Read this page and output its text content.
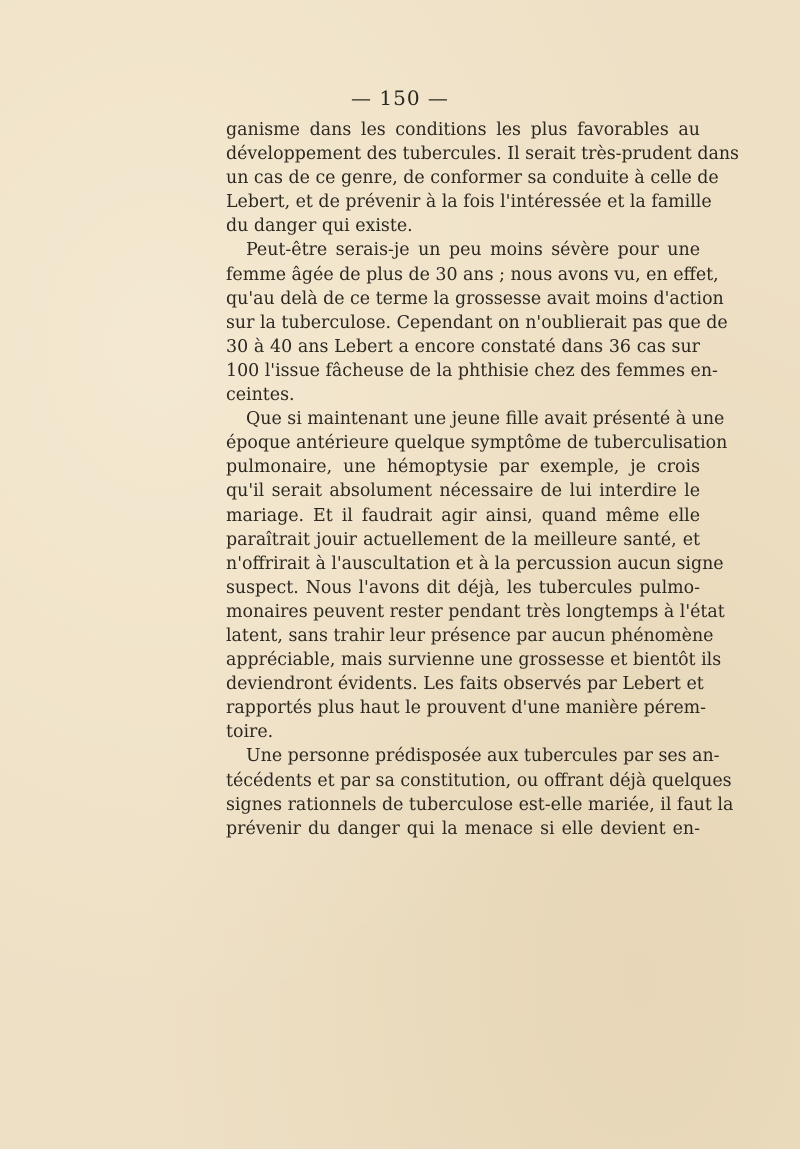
— 150 —

ganisme dans les conditions les plus favorables au
développement des tubercules. Il serait très-prudent dans
un cas de ce genre, de conformer sa conduite à celle de
Lebert, et de prévenir à la fois l'intéressée et la famille
du danger qui existe.

Peut-être serais-je un peu moins sévère pour une
femme âgée de plus de 30 ans ; nous avons vu, en effet,
qu'au delà de ce terme la grossesse avait moins d'action
sur la tuberculose. Cependant on n'oublierait pas que de
30 à 40 ans Lebert a encore constaté dans 36 cas sur
100 l'issue fâcheuse de la phthisie chez des femmes en-
ceintes.

Que si maintenant une jeune fille avait présenté à une
époque antérieure quelque symptôme de tuberculisation
pulmonaire, une hémoptysie par exemple, je crois
qu'il serait absolument nécessaire de lui interdire le
mariage. Et il faudrait agir ainsi, quand même elle
paraîtrait jouir actuellement de la meilleure santé, et
n'offrirait à l'auscultation et à la percussion aucun signe
suspect. Nous l'avons dit déjà, les tubercules pulmo-
monaires peuvent rester pendant très longtemps à l'état
latent, sans trahir leur présence par aucun phénomène
appréciable, mais survienne une grossesse et bientôt ils
deviendront évidents. Les faits observés par Lebert et
rapportés plus haut le prouvent d'une manière pérem-
toire.

Une personne prédisposée aux tubercules par ses an-
técédents et par sa constitution, ou offrant déjà quelques
signes rationnels de tuberculose est-elle mariée, il faut la
prévenir du danger qui la menace si elle devient en-
